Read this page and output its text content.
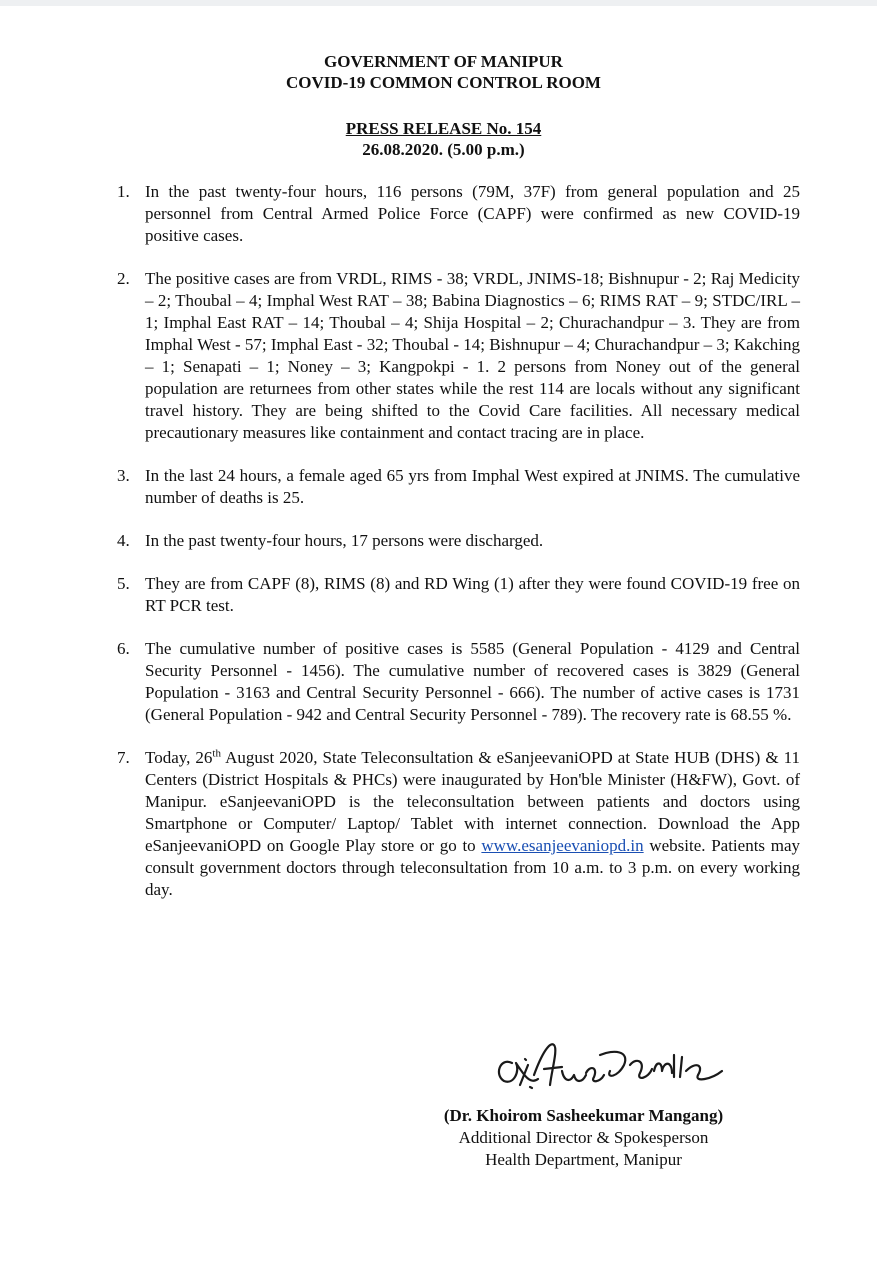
GOVERNMENT OF MANIPUR
COVID-19 COMMON CONTROL ROOM
PRESS RELEASE No. 154
26.08.2020. (5.00 p.m.)
1. In the past twenty-four hours, 116 persons (79M, 37F) from general population and 25 personnel from Central Armed Police Force (CAPF) were confirmed as new COVID-19 positive cases.
2. The positive cases are from VRDL, RIMS - 38; VRDL, JNIMS-18; Bishnupur - 2; Raj Medicity – 2; Thoubal – 4; Imphal West RAT – 38; Babina Diagnostics – 6; RIMS RAT – 9; STDC/IRL – 1; Imphal East RAT – 14; Thoubal – 4; Shija Hospital – 2; Churachandpur – 3. They are from Imphal West - 57; Imphal East - 32; Thoubal - 14; Bishnupur – 4; Churachandpur – 3; Kakching – 1; Senapati – 1; Noney – 3; Kangpokpi - 1. 2 persons from Noney out of the general population are returnees from other states while the rest 114 are locals without any significant travel history. They are being shifted to the Covid Care facilities. All necessary medical precautionary measures like containment and contact tracing are in place.
3. In the last 24 hours, a female aged 65 yrs from Imphal West expired at JNIMS. The cumulative number of deaths is 25.
4. In the past twenty-four hours, 17 persons were discharged.
5. They are from CAPF (8), RIMS (8) and RD Wing (1) after they were found COVID-19 free on RT PCR test.
6. The cumulative number of positive cases is 5585 (General Population - 4129 and Central Security Personnel - 1456). The cumulative number of recovered cases is 3829 (General Population - 3163 and Central Security Personnel - 666). The number of active cases is 1731 (General Population - 942 and Central Security Personnel - 789). The recovery rate is 68.55 %.
7. Today, 26th August 2020, State Teleconsultation & eSanjeevaniOPD at State HUB (DHS) & 11 Centers (District Hospitals & PHCs) were inaugurated by Hon'ble Minister (H&FW), Govt. of Manipur. eSanjeevaniOPD is the teleconsultation between patients and doctors using Smartphone or Computer/ Laptop/ Tablet with internet connection. Download the App eSanjeevaniOPD on Google Play store or go to www.esanjeevaniopd.in website. Patients may consult government doctors through teleconsultation from 10 a.m. to 3 p.m. on every working day.
(Dr. Khoirom Sasheekumar Mangang)
Additional Director & Spokesperson
Health Department, Manipur
